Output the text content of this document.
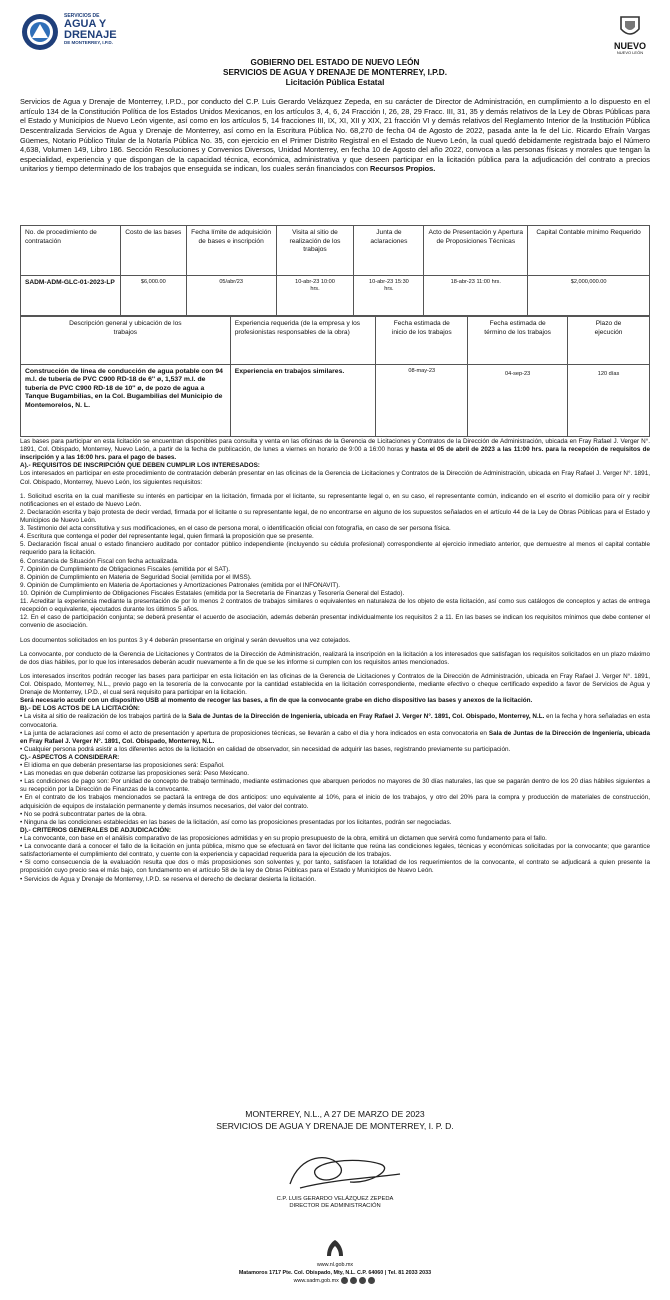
SERVICIOS DE
AGUA Y
DRENAJE
DE MONTERREY, I.P.D.	NUEVO
NUEVO LEÓN
GOBIERNO DEL ESTADO DE NUEVO LEÓN
SERVICIOS DE AGUA Y DRENAJE DE MONTERREY, I.P.D.
Licitación Pública Estatal
Servicios de Agua y Drenaje de Monterrey, I.P.D., por conducto del C.P. Luis Gerardo Velázquez Zepeda, en su carácter de Director de Administración, en cumplimiento a lo dispuesto en el artículo 134 de la Constitución Política de los Estados Unidos Mexicanos, en los artículos 3, 4, 6, 24 Fracción I, 26, 28, 29 Fracc. III, 31, 35 y demás relativos de la Ley de Obras Públicas para el Estado y Municipios de Nuevo León vigente, así como en los artículos 5, 14 fracciones III, IX, XI, XII y XIX, 21 fracción VI y demás relativos del Reglamento Interior de la Institución Pública Descentralizada Servicios de Agua y Drenaje de Monterrey, así como en la Escritura Pública No. 68,270 de fecha 04 de Agosto de 2022, pasada ante la fe del Lic. Ricardo Efraín Vargas Güemes, Notario Público Titular de la Notaría Pública No. 35, con ejercicio en el Primer Distrito Registral en el Estado de Nuevo León, la cual quedó debidamente registrada bajo el Número 4,638, Volumen 149, Libro 186. Sección Resoluciones y Convenios Diversos, Unidad Monterrey, en fecha 10 de Agosto del año 2022, convoca a las personas físicas y morales que tengan la especialidad, experiencia y que dispongan de la capacidad técnica, económica, administrativa y que deseen participar en la licitación pública para la adjudicación del contrato a precios unitarios y tiempo determinado de los trabajos que enseguida se indican, los cuales serán financiados con Recursos Propios.
No. de procedimiento de contratación	Costo de las bases	Fecha límite de adquisición de bases e inscripción	Visita al sitio de realización de los trabajos	Junta de aclaraciones	Acto de Presentación y Apertura de Proposiciones Técnicas	Capital Contable mínimo Requerido
SADM-ADM-GLC-01-2023-LP	$6,000.00	05/abr/23	10-abr-23 10:00 hrs.	10-abr-23 15:30 hrs.	18-abr-23 11:00 hrs.	$2,000,000.00
Descripción general y ubicación de los trabajos	Experiencia requerida (de la empresa y los profesionistas responsables de la obra)	Fecha estimada de inicio de los trabajos	Fecha estimada de término de los trabajos	Plazo de ejecución
Construcción de línea de conducción de agua potable con 94 m.l. de tubería de PVC C900 RD-18 de 6'' ø, 1,537 m.l. de tubería de PVC C900 RD-18 de 10'' ø, de pozo de agua a Tanque Bugambilias, en la Col. Bugambilias del Municipio de Montemorelos, N. L.	Experiencia en trabajos similares.	08-may-23	04-sep-23	120 días

Las bases para participar en esta licitación se encuentran disponibles para consulta y venta en las oficinas de la Gerencia de Licitaciones y Contratos de la Dirección de Administración, ubicada en Fray Rafael J. Verger N°. 1891, Col. Obispado, Monterrey, Nuevo León, a partir de la fecha de publicación, de lunes a viernes en horario de 9:00 a 16:00 horas y hasta el 05 de abril de 2023 a las 11:00 hrs. para la recepción de requisitos de inscripción y a las 16:00 hrs. para el pago de bases.

A).- REQUISITOS DE INSCRIPCIÓN QUE DEBEN CUMPLIR LOS INTERESADOS:

Los interesados en participar en este procedimiento de contratación deberán presentar en las oficinas de la Gerencia de Licitaciones y Contratos de la Dirección de Administración, ubicada en Fray Rafael J. Verger N°. 1891, Col. Obispado, Monterrey, Nuevo León, los siguientes requisitos:

1. Solicitud escrita en la cual manifieste su interés en participar en la licitación, firmada por el licitante, su representante legal o, en su caso, el representante común, indicando en el escrito el domicilio para oír y recibir notificaciones en el estado de Nuevo León.

2. Declaración escrita y bajo protesta de decir verdad, firmada por el licitante o su representante legal, de no encontrarse en alguno de los supuestos señalados en el artículo 44 de la Ley de Obras Públicas para el Estado y Municipios de Nuevo León.

3. Testimonio del acta constitutiva y sus modificaciones, en el caso de persona moral, o identificación oficial con fotografía, en caso de ser persona física.

4. Escritura que contenga el poder del representante legal, quien firmará la proposición que se presente.

5. Declaración fiscal anual o estado financiero auditado por contador público independiente (incluyendo su cédula profesional) correspondiente al ejercicio inmediato anterior, que demuestre al menos el capital contable requerido para la licitación.

6. Constancia de Situación Fiscal con fecha actualizada.

7. Opinión de Cumplimiento de Obligaciones Fiscales (emitida por el SAT).

8. Opinión de Cumplimiento en Materia de Seguridad Social (emitida por el IMSS).

9. Opinión de Cumplimiento en Materia de Aportaciones y Amortizaciones Patronales (emitida por el INFONAVIT).

10. Opinión de Cumplimiento de Obligaciones Fiscales Estatales (emitida por la Secretaría de Finanzas y Tesorería General del Estado).

11. Acreditar la experiencia mediante la presentación de por lo menos 2 contratos de trabajos similares o equivalentes en naturaleza de los objeto de esta licitación, así como sus catálogos de conceptos y actas de entrega recepción o equivalente, ejecutados durante los últimos 5 años.

12. En el caso de participación conjunta; se deberá presentar el acuerdo de asociación, además deberán presentar individualmente los requisitos 2 a 11. En las bases se indican los requisitos mínimos que debe contener el convenio de asociación.

Los documentos solicitados en los puntos 3 y 4 deberán presentarse en original y serán devueltos una vez cotejados.

La convocante, por conducto de la Gerencia de Licitaciones y Contratos de la Dirección de Administración, realizará la inscripción en la licitación a los interesados que satisfagan los requisitos solicitados en un plazo máximo de dos días hábiles, por lo que los interesados deberán acudir nuevamente a fin de que se les informe si cumplen con los requisitos antes mencionados.

Los interesados inscritos podrán recoger las bases para participar en esta licitación en las oficinas de la Gerencia de Licitaciones y Contratos de la Dirección de Administración, ubicada en Fray Rafael J. Verger N°. 1891, Col. Obispado, Monterrey, N.L., previo pago en la tesorería de la convocante por la cantidad establecida en la licitación correspondiente, mediante efectivo o cheque certificado expedido a favor de Servicios de Agua y Drenaje de Monterrey, I.P.D., el cual será requisito para participar en la licitación.

Será necesario acudir con un dispositivo USB al momento de recoger las bases, a fin de que la convocante grabe en dicho dispositivo las bases y anexos de la licitación.

B).- DE LOS ACTOS DE LA LICITACIÓN:

• La visita al sitio de realización de los trabajos partirá de la Sala de Juntas de la Dirección de Ingeniería, ubicada en Fray Rafael J. Verger N°. 1891, Col. Obispado, Monterrey, N.L. en la fecha y hora señaladas en esta convocatoria.

• La junta de aclaraciones así como el acto de presentación y apertura de proposiciones técnicas, se llevarán a cabo el día y hora indicados en esta convocatoria en Sala de Juntas de la Dirección de Ingeniería, ubicada en Fray Rafael J. Verger N°. 1891, Col. Obispado, Monterrey, N.L.

• Cualquier persona podrá asistir a los diferentes actos de la licitación en calidad de observador, sin necesidad de adquirir las bases, registrando previamente su participación.

C).- ASPECTOS A CONSIDERAR:

• El idioma en que deberán presentarse las proposiciones será: Español.

• Las monedas en que deberán cotizarse las proposiciones será: Peso Mexicano.

• Las condiciones de pago son: Por unidad de concepto de trabajo terminado, mediante estimaciones que abarquen periodos no mayores de 30 días naturales, las que se pagarán dentro de los 20 días hábiles siguientes a su recepción por la Dirección de Finanzas de la convocante.

• En el contrato de los trabajos mencionados se pactará la entrega de dos anticipos: uno equivalente al 10%, para el inicio de los trabajos, y otro del 20% para la compra y producción de materiales de construcción, adquisición de equipos de instalación permanente y demás insumos necesarios, del valor del contrato.

• No se podrá subcontratar partes de la obra.

• Ninguna de las condiciones establecidas en las bases de la licitación, así como las proposiciones presentadas por los licitantes, podrán ser negociadas.

D).- CRITERIOS GENERALES DE ADJUDICACIÓN:

• La convocante, con base en el análisis comparativo de las proposiciones admitidas y en su propio presupuesto de la obra, emitirá un dictamen que servirá como fundamento para el fallo.

• La convocante dará a conocer el fallo de la licitación en junta pública, mismo que se efectuará en favor del licitante que reúna las condiciones legales, técnicas y económicas solicitadas por la convocante; que garantice satisfactoriamente el cumplimiento del contrato, y cuente con la experiencia y capacidad requerida para la ejecución de los trabajos.

• Si como consecuencia de la evaluación resulta que dos o más proposiciones son solventes y, por tanto, satisfacen la totalidad de los requerimientos de la convocante, el contrato se adjudicará a quien presente la proposición cuyo precio sea el más bajo, con fundamento en el artículo 58 de la ley de Obras Públicas para el Estado y Municipios de Nuevo León.

• Servicios de Agua y Drenaje de Monterrey, I.P.D. se reserva el derecho de declarar desierta la licitación.

MONTERREY, N.L., A 27 DE MARZO DE 2023
SERVICIOS DE AGUA Y DRENAJE DE MONTERREY, I. P. D.
C.P. LUIS GERARDO VELÁZQUEZ ZEPEDA
DIRECTOR DE ADMINISTRACIÓN
www.nl.gob.mx
Matamoros 1717 Pte. Col. Obispado, Mty, N.L. C.P. 64060 | Tel. 81 2033 2033
www.sadm.gob.mx
